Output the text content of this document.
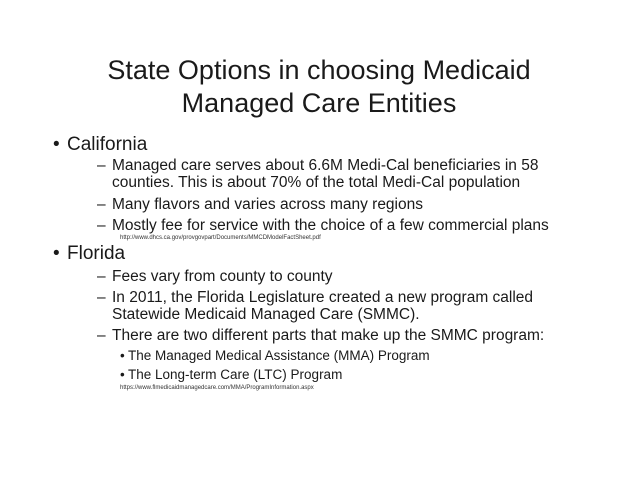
State Options in choosing Medicaid
Managed Care Entities
• California
– Managed care serves about 6.6M Medi-Cal beneficiaries in 58
counties. This is about 70% of the total Medi-Cal population
– Many flavors and varies across many regions
– Mostly fee for service with the choice of a few commercial plans
http://www.dhcs.ca.gov/provgovpart/Documents/MMCDModelFactSheet.pdf
• Florida
– Fees vary from county to county
– In 2011, the Florida Legislature created a new program called
Statewide Medicaid Managed Care (SMMC).
– There are two different parts that make up the SMMC program:
• The Managed Medical Assistance (MMA) Program
• The Long-term Care (LTC) Program
https://www.flmedicaidmanagedcare.com/MMA/ProgramInformation.aspx
